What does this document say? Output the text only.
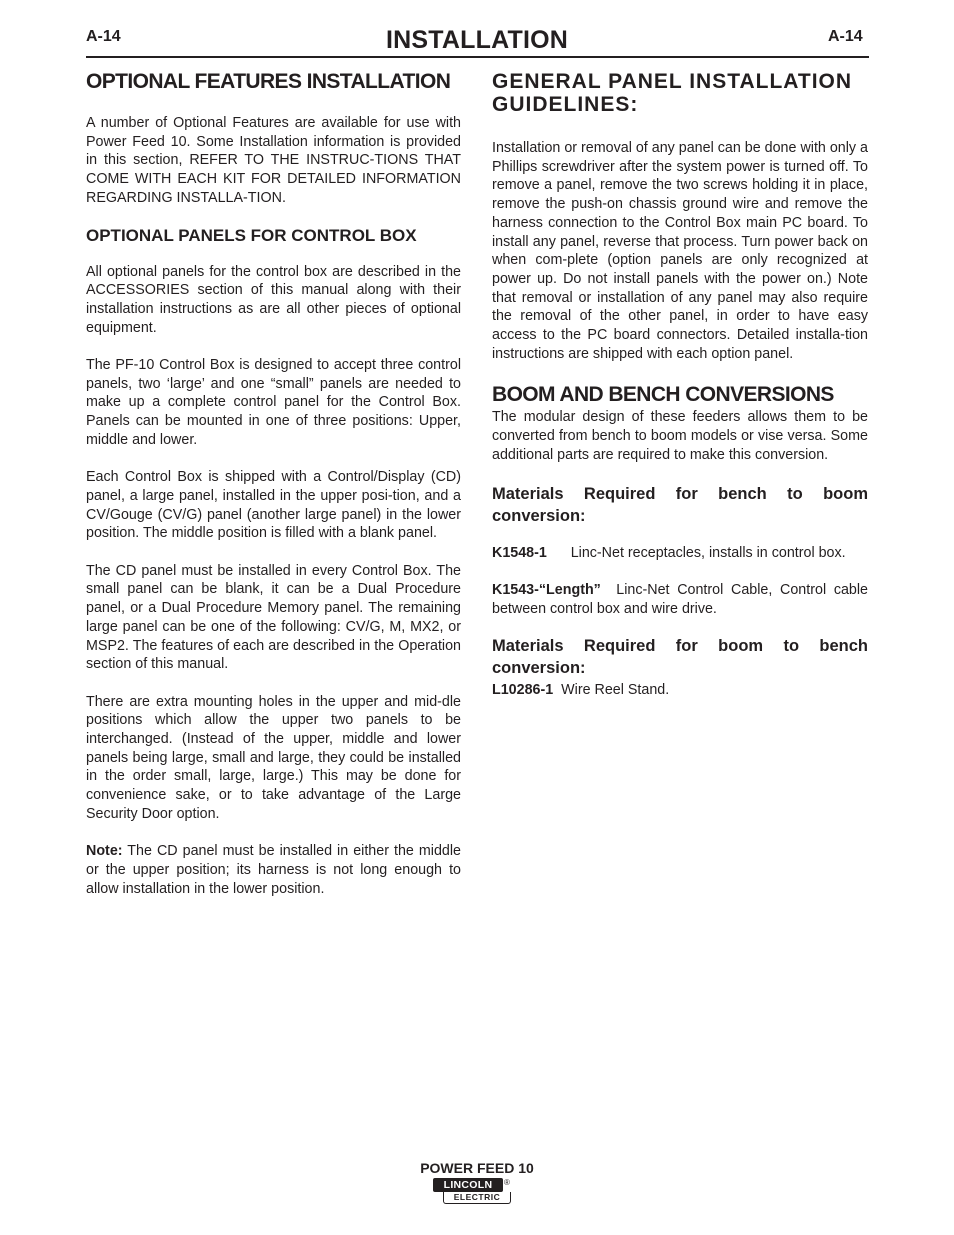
A-14	INSTALLATION	A-14
OPTIONAL FEATURES INSTALLATION

A number of Optional Features are available for use with Power Feed 10. Some Installation information is provided in this section, REFER TO THE INSTRUC-TIONS THAT COME WITH EACH KIT FOR DETAILED INFORMATION REGARDING INSTALLA-TION.

OPTIONAL PANELS FOR CONTROL BOX

All optional panels for the control box are described in the ACCESSORIES section of this manual along with their installation instructions as are all other pieces of optional equipment.

The PF-10 Control Box is designed to accept three control panels, two ‘large’ and one “small” panels are needed to make up a complete control panel for the Control Box. Panels can be mounted in one of three positions: Upper, middle and lower.

Each Control Box is shipped with a Control/Display (CD) panel, a large panel, installed in the upper posi-tion, and a CV/Gouge (CV/G) panel (another large panel) in the lower position. The middle position is filled with a blank panel.

The CD panel must be installed in every Control Box. The small panel can be blank, it can be a Dual Procedure panel, or a Dual Procedure Memory panel. The remaining large panel can be one of the following: CV/G, M, MX2, or MSP2. The features of each are described in the Operation section of this manual.

There are extra mounting holes in the upper and mid-dle positions which allow the upper two panels to be interchanged. (Instead of the upper, middle and lower panels being large, small and large, they could be installed in the order small, large, large.) This may be done for convenience sake, or to take advantage of the Large Security Door option.

Note: The CD panel must be installed in either the middle or the upper position; its harness is not long enough to allow installation in the lower position.

GENERAL PANEL INSTALLATION GUIDELINES:

Installation or removal of any panel can be done with only a Phillips screwdriver after the system power is turned off. To remove a panel, remove the two screws holding it in place, remove the push-on chassis ground wire and remove the harness connection to the Control Box main PC board. To install any panel, reverse that process. Turn power back on when com-plete (option panels are only recognized at power up. Do not install panels with the power on.) Note that removal or installation of any panel may also require the removal of the other panel, in order to have easy access to the PC board connectors. Detailed installa-tion instructions are shipped with each option panel.

BOOM AND BENCH CONVERSIONS

The modular design of these feeders allows them to be converted from bench to boom models or vise versa. Some additional parts are required to make this conversion.

Materials Required for bench to boom conversion:
K1548-1 Linc-Net receptacles, installs in control box.
K1543-“Length” Linc-Net Control Cable, Control cable between control box and wire drive.
Materials Required for boom to bench conversion:
L10286-1 Wire Reel Stand.
POWER FEED 10
LINCOLN	®
ELECTRIC
